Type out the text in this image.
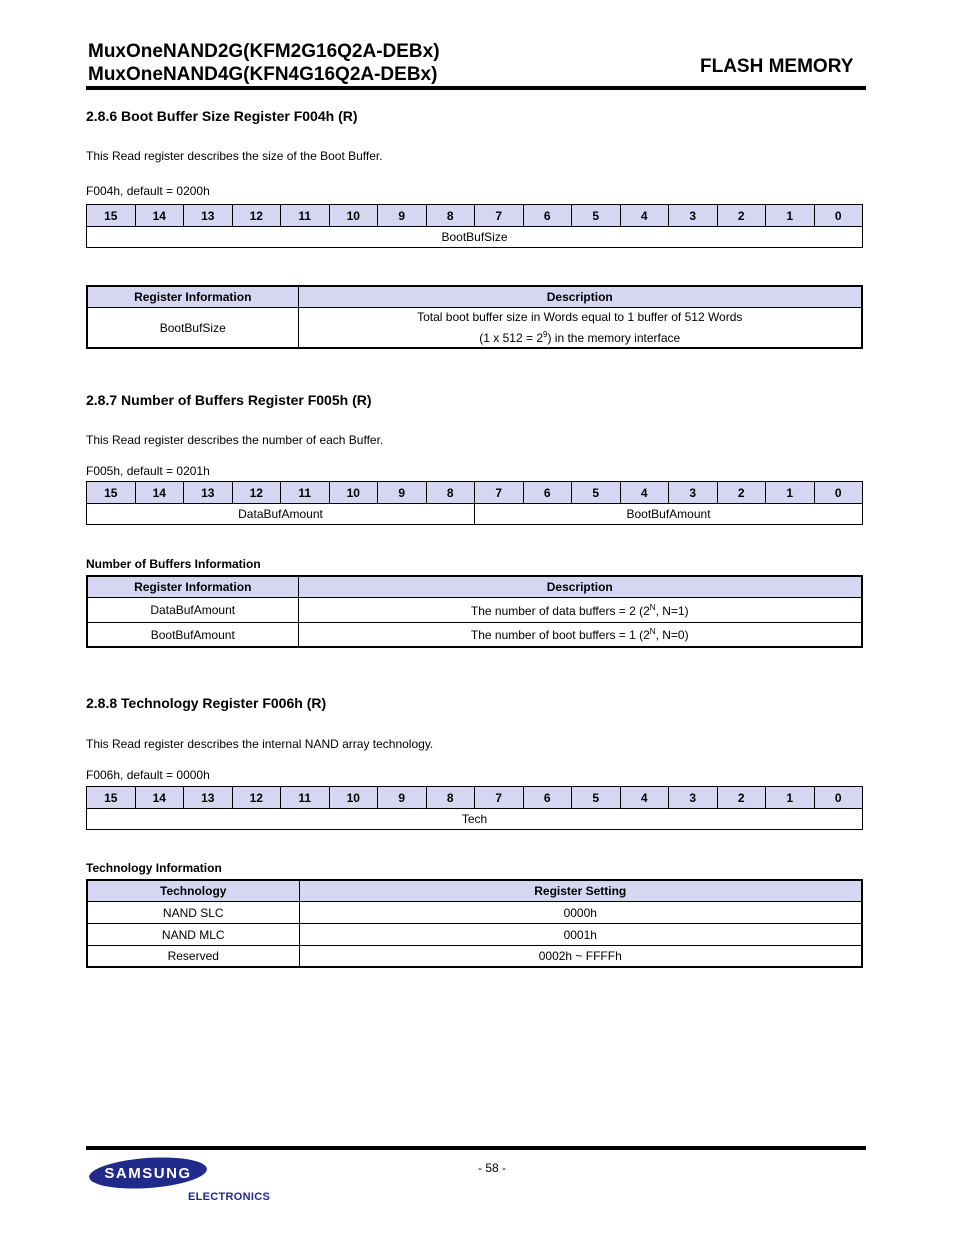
MuxOneNAND2G(KFM2G16Q2A-DEBx)
MuxOneNAND4G(KFN4G16Q2A-DEBx)	FLASH MEMORY
2.8.6 Boot Buffer Size Register F004h (R)
This Read register describes the size of the Boot Buffer.
F004h, default = 0200h
15	14	13	12	11	10	9	8	7	6	5	4	3	2	1	0
BootBufSize
Register Information	Description
BootBufSize	Total boot buffer size in Words equal to 1 buffer of 512 Words
(1 x $512 = 2^9$) in the memory interface
2.8.7 Number of Buffers Register F005h (R)
This Read register describes the number of each Buffer.
F005h, default = 0201h
15	14	13	12	11	10	9	8	7	6	5	4	3	2	1	0
DataBufAmount								BootBufAmount							
Number of Buffers Information
Register Information	Description
DataBufAmount	The number of data buffers = 2 ($2^N$, N=1)
BootBufAmount	The number of boot buffers = 1 ($2^N$, N=0)
2.8.8 Technology Register F006h (R)
This Read register describes the internal NAND array technology.
F006h, default = 0000h
15	14	13	12	11	10	9	8	7	6	5	4	3	2	1	0
Tech
Technology Information
Technology	Register Setting
NAND SLC	0000h
NAND MLC	0001h
Reserved	0002h ~ FFFFh
- 58 -
SAMSUNG
ELECTRONICS
